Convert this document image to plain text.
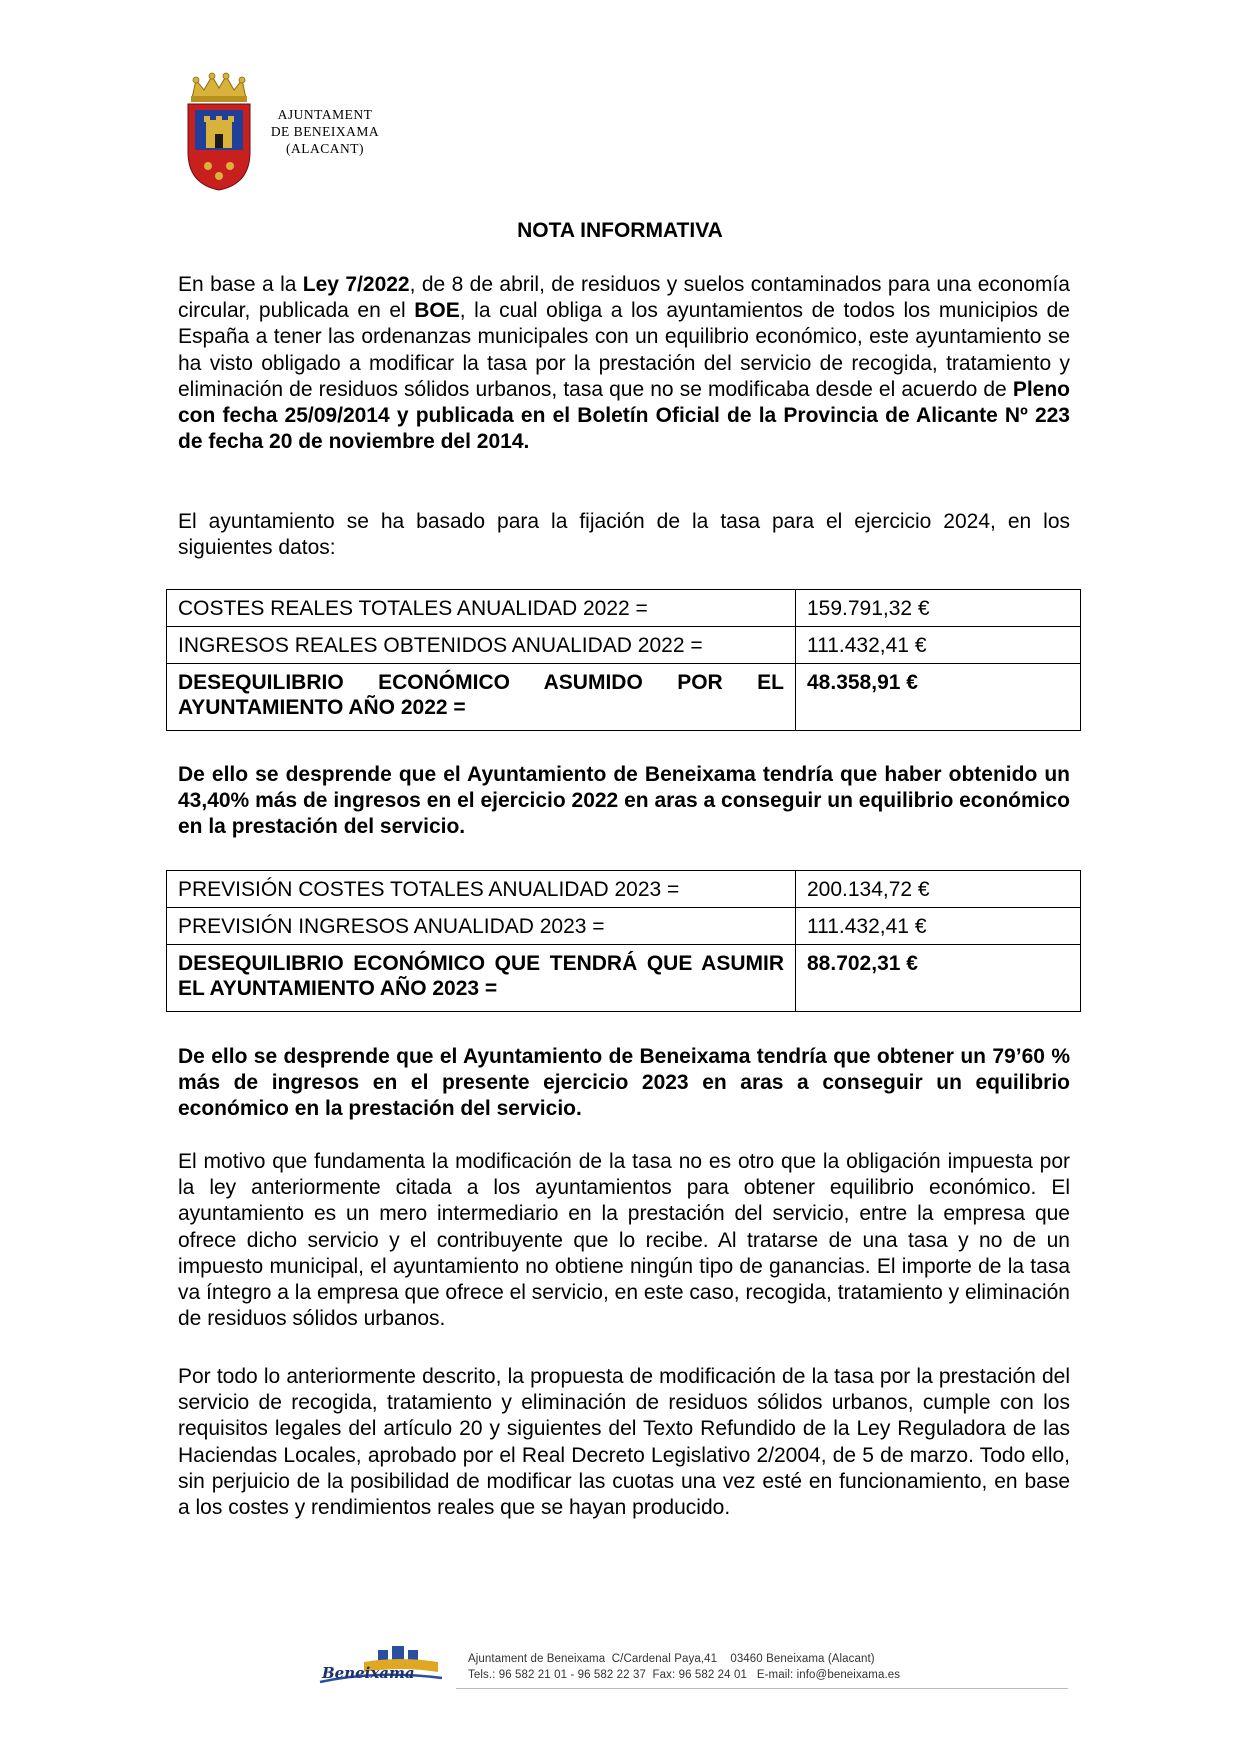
AJUNTAMENT
DE BENEIXAMA
(ALACANT)
NOTA INFORMATIVA
En base a la Ley 7/2022, de 8 de abril, de residuos y suelos contaminados para una economía circular, publicada en el BOE, la cual obliga a los ayuntamientos de todos los municipios de España a tener las ordenanzas municipales con un equilibrio económico, este ayuntamiento se ha visto obligado a modificar la tasa por la prestación del servicio de recogida, tratamiento y eliminación de residuos sólidos urbanos, tasa que no se modificaba desde el acuerdo de Pleno con fecha 25/09/2014 y publicada en el Boletín Oficial de la Provincia de Alicante Nº 223 de fecha 20 de noviembre del 2014.
El ayuntamiento se ha basado para la fijación de la tasa para el ejercicio 2024, en los siguientes datos:
COSTES REALES TOTALES ANUALIDAD 2022 =	159.791,32 €
INGRESOS REALES OBTENIDOS ANUALIDAD 2022 =	111.432,41 €
DESEQUILIBRIO ECONÓMICO ASUMIDO POR EL AYUNTAMIENTO AÑO 2022 =	48.358,91 €
De ello se desprende que el Ayuntamiento de Beneixama tendría que haber obtenido un 43,40% más de ingresos en el ejercicio 2022 en aras a conseguir un equilibrio económico en la prestación del servicio.
PREVISIÓN COSTES TOTALES ANUALIDAD 2023 =	200.134,72 €
PREVISIÓN INGRESOS ANUALIDAD 2023 =	111.432,41 €
DESEQUILIBRIO ECONÓMICO QUE TENDRÁ QUE ASUMIR EL AYUNTAMIENTO AÑO 2023 =	88.702,31 €
De ello se desprende que el Ayuntamiento de Beneixama tendría que obtener un 79’60 % más de ingresos en el presente ejercicio 2023 en aras a conseguir un equilibrio económico en la prestación del servicio.
El motivo que fundamenta la modificación de la tasa no es otro que la obligación impuesta por la ley anteriormente citada a los ayuntamientos para obtener equilibrio económico. El ayuntamiento es un mero intermediario en la prestación del servicio, entre la empresa que ofrece dicho servicio y el contribuyente que lo recibe. Al tratarse de una tasa y no de un impuesto municipal, el ayuntamiento no obtiene ningún tipo de ganancias. El importe de la tasa va íntegro a la empresa que ofrece el servicio, en este caso, recogida, tratamiento y eliminación de residuos sólidos urbanos.
Por todo lo anteriormente descrito, la propuesta de modificación de la tasa por la prestación del servicio de recogida, tratamiento y eliminación de residuos sólidos urbanos, cumple con los requisitos legales del artículo 20 y siguientes del Texto Refundido de la Ley Reguladora de las Haciendas Locales, aprobado por el Real Decreto Legislativo 2/2004, de 5 de marzo. Todo ello, sin perjuicio de la posibilidad de modificar las cuotas una vez esté en funcionamiento, en base a los costes y rendimientos reales que se hayan producido.
Beneixama
Ajuntament de Beneixama  C/Cardenal Paya,41    03460 Beneixama (Alacant)
Tels.: 96 582 21 01 - 96 582 22 37  Fax: 96 582 24 01   E-mail: info@beneixama.es
